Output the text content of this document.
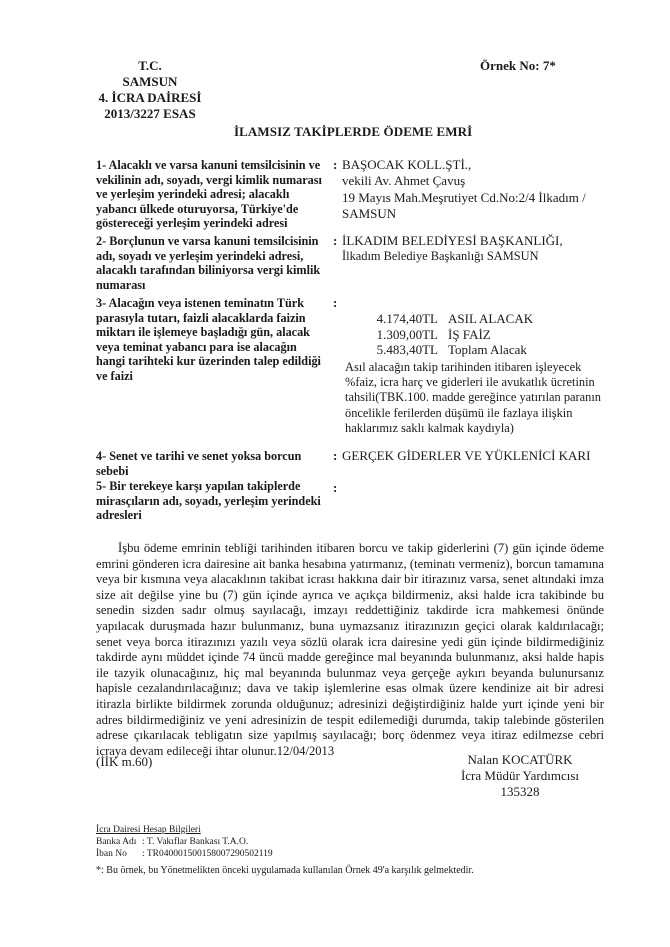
T.C.
SAMSUN
4. İCRA DAİRESİ
2013/3227 ESAS
Örnek No: 7*
İLAMSIZ TAKİPLERDE ÖDEME EMRİ
1- Alacaklı ve varsa kanuni temsilcisinin ve vekilinin adı, soyadı, vergi kimlik numarası ve yerleşim yerindeki adresi; alacaklı yabancı ülkede oturuyorsa, Türkiye'de göstereceği yerleşim yerindeki adresi
: BAŞOCAK KOLL.ŞTİ.,
vekili Av. Ahmet Çavuş
19 Mayıs Mah.Meşrutiyet Cd.No:2/4 İlkadım / SAMSUN
2- Borçlunun ve varsa kanuni temsilcisinin adı, soyadı ve yerleşim yerindeki adresi, alacaklı tarafından biliniyorsa vergi kimlik numarası
: İLKADIM BELEDİYESİ BAŞKANLIĞI,
İlkadım Belediye Başkanlığı SAMSUN
3- Alacağın veya istenen teminatın Türk parasıyla tutarı, faizli alacaklarda faizin miktarı ile işlemeye başladığı gün, alacak veya teminat yabancı para ise alacağın hangi tarihteki kur üzerinden talep edildiği ve faizi
:
4.174,40TL ASIL ALACAK
1.309,00TL İŞ FAİZ
5.483,40TL Toplam Alacak
Asıl alacağın takip tarihinden itibaren işleyecek %faiz, icra harç ve giderleri ile avukatlık ücretinin tahsili(TBK.100. madde gereğince yatırılan paranın öncelikle ferilerden düşümü ile fazlaya ilişkin haklarımız saklı kalmak kaydıyla)
4- Senet ve tarihi ve senet yoksa borcun sebebi
: GERÇEK GİDERLER VE YÜKLENİCİ KARI
5- Bir terekeye karşı yapılan takiplerde mirasçıların adı, soyadı, yerleşim yerindeki adresleri
:
İşbu ödeme emrinin tebliği tarihinden itibaren borcu ve takip giderlerini (7) gün içinde ödeme emrini gönderen icra dairesine ait banka hesabına yatırmanız, (teminatı vermeniz), borcun tamamına veya bir kısmına veya alacaklının takibat icrası hakkına dair bir itirazınız varsa, senet altındaki imza size ait değilse yine bu (7) gün içinde ayrıca ve açıkça bildirmeniz, aksi halde icra takibinde bu senedin sizden sadır olmuş sayılacağı, imzayı reddettiğiniz takdirde icra mahkemesi önünde yapılacak duruşmada hazır bulunmanız, buna uymazsanız itirazınızın geçici olarak kaldırılacağı; senet veya borca itirazınızı yazılı veya sözlü olarak icra dairesine yedi gün içinde bildirmediğiniz takdirde aynı müddet içinde 74 üncü madde gereğince mal beyanında bulunmanız, aksi halde hapis ile tazyik olunacağınız, hiç mal beyanında bulunmaz veya gerçeğe aykırı beyanda bulunursanız hapisle cezalandırılacağınız; dava ve takip işlemlerine esas olmak üzere kendinize ait bir adresi itirazla birlikte bildirmek zorunda olduğunuz; adresinizi değiştirdiğiniz halde yurt içinde yeni bir adres bildirmediğiniz ve yeni adresinizin de tespit edilemediği durumda, takip talebinde gösterilen adrese çıkarılacak tebligatın size yapılmış sayılacağı; borç ödenmez veya itiraz edilmezse cebri icraya devam edileceği ihtar olunur.12/04/2013
(İİK m.60)	Nalan KOCATÜRK
İcra Müdür Yardımcısı
135328
İcra Dairesi Hesap Bilgileri
Banka Adı : T. Vakıflar Bankası T.A.O.
İban No : TR040001500158007290502119
*: Bu örnek, bu Yönetmelikten önceki uygulamada kullanılan Örnek 49'a karşılık gelmektedir.
